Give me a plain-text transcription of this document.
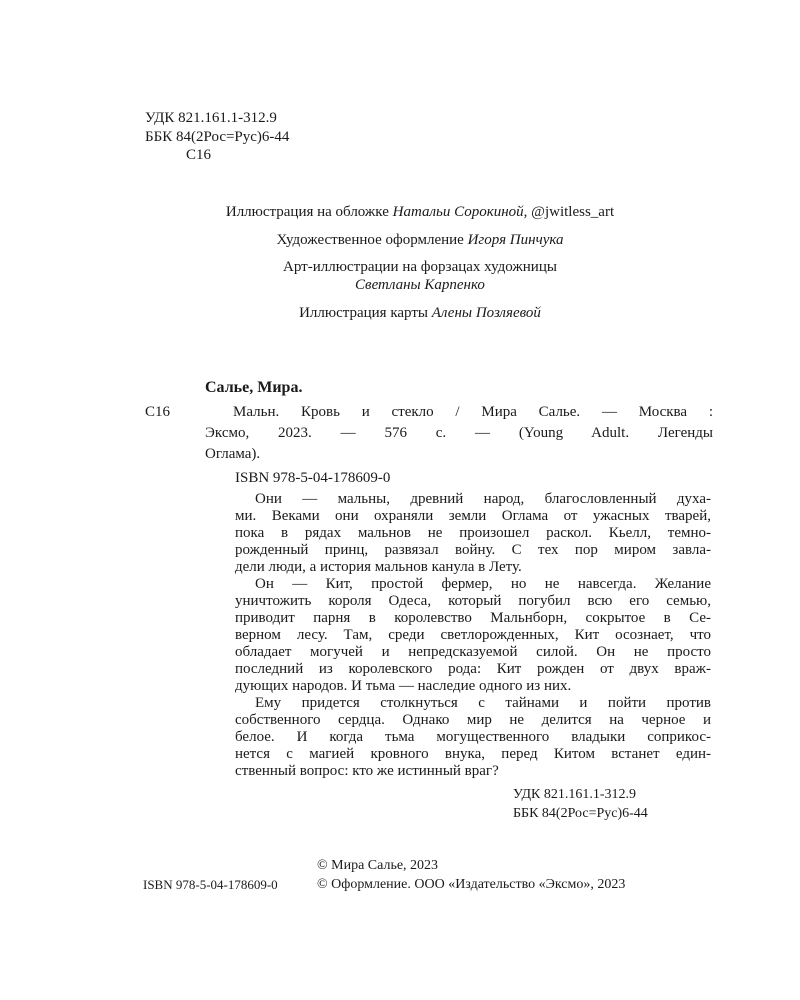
УДК 821.161.1-312.9
ББК 84(2Рос=Рус)6-44
С16
Иллюстрация на обложке Натальи Сорокиной, @jwitless_art
Художественное оформление Игоря Пинчука
Арт-иллюстрации на форзацах художницы
Светланы Карпенко
Иллюстрация карты Алены Позляевой
Салье, Мира.
С16	Мальн. Кровь и стекло / Мира Салье. — Москва :
Эксмо, 2023. — 576 с. — (Young Adult. Легенды
Оглама).
ISBN 978-5-04-178609-0
Они — мальны, древний народ, благословленный духа-
ми. Веками они охраняли земли Оглама от ужасных тварей,
пока в рядах мальнов не произошел раскол. Кьелл, темно-
рожденный принц, развязал войну. С тех пор миром завла-
дели люди, а история мальнов канула в Лету.
Он — Кит, простой фермер, но не навсегда. Желание
уничтожить короля Одеса, который погубил всю его семью,
приводит парня в королевство Мальнборн, сокрытое в Се-
верном лесу. Там, среди светлорожденных, Кит осознает, что
обладает могучей и непредсказуемой силой. Он не просто
последний из королевского рода: Кит рожден от двух враж-
дующих народов. И тьма — наследие одного из них.
Ему придется столкнуться с тайнами и пойти против
собственного сердца. Однако мир не делится на черное и
белое. И когда тьма могущественного владыки соприкос-
нется с магией кровного внука, перед Китом встанет един-
ственный вопрос: кто же истинный враг?
УДК 821.161.1-312.9
ББК 84(2Рос=Рус)6-44
© Мира Салье, 2023
ISBN 978-5-04-178609-0	© Оформление. ООО «Издательство «Эксмо», 2023
